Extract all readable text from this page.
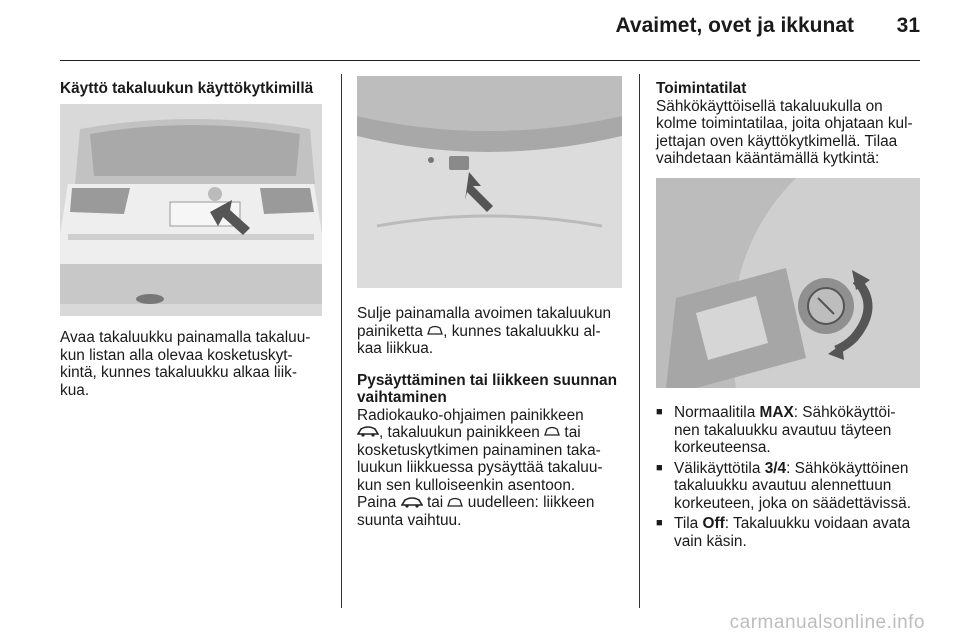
Avaimet, ovet ja ikkunat 31

Käyttö takaluukun käyttökytkimillä

Avaa takaluukku painamalla takaluu-

kun listan alla olevaa kosketuskyt-

kintä, kunnes takaluukku alkaa liik-

kua.

Sulje painamalla avoimen takaluukun

painiketta , kunnes takaluukku al-

kaa liikkua.

Pysäyttäminen tai liikkeen suunnan

vaihtaminen

Radiokauko-ohjaimen painikkeen

, takaluukun painikkeen tai

kosketuskytkimen painaminen taka-

luukun liikkuessa pysäyttää takaluu-

kun sen kulloiseenkin asentoon.

Paina tai uudelleen: liikkeen

suunta vaihtuu.

Toimintatilat

Sähkökäyttöisellä takaluukulla on

kolme toimintatilaa, joita ohjataan kul-

jettajan oven käyttökytkimellä. Tilaa

vaihdetaan kääntämällä kytkintä:

■ Normaalitila MAX: Sähkökäyttöi-
nen takaluukku avautuu täyteen
korkeuteensa.
■ Välikäyttötila 3/4: Sähkökäyttöinen
takaluukku avautuu alennettuun
korkeuteen, joka on säädettävissä.
■ Tila Off: Takaluukku voidaan avata
vain käsin.
carmanualsonline.info
